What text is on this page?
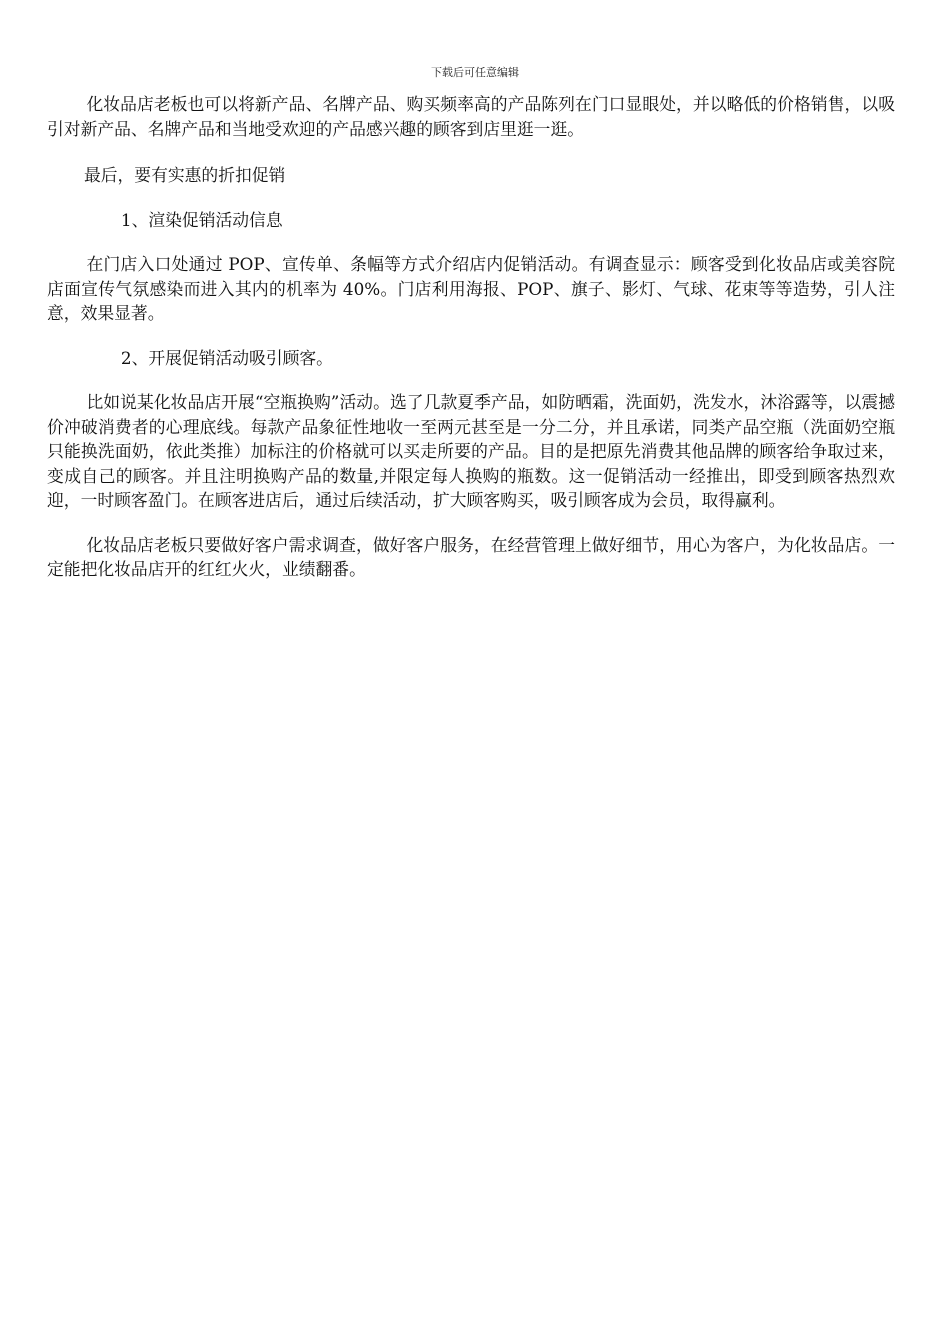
下载后可任意编辑

化妆品店老板也可以将新产品、名牌产品、购买频率高的产品陈列在门口显眼处，并以略低的价格销售，以吸引对新产品、名牌产品和当地受欢迎的产品感兴趣的顾客到店里逛一逛。

最后，要有实惠的折扣促销

1、渲染促销活动信息

在门店入口处通过 POP、宣传单、条幅等方式介绍店内促销活动。有调查显示：顾客受到化妆品店或美容院店面宣传气氛感染而进入其内的机率为 40%。门店利用海报、POP、旗子、影灯、气球、花束等等造势，引人注意，效果显著。

2、开展促销活动吸引顾客。

比如说某化妆品店开展“空瓶换购”活动。选了几款夏季产品，如防晒霜，洗面奶，洗发水，沐浴露等，以震撼价冲破消费者的心理底线。每款产品象征性地收一至两元甚至是一分二分，并且承诺，同类产品空瓶（洗面奶空瓶只能换洗面奶，依此类推）加标注的价格就可以买走所要的产品。目的是把原先消费其他品牌的顾客给争取过来，变成自己的顾客。并且注明换购产品的数量,并限定每人换购的瓶数。这一促销活动一经推出，即受到顾客热烈欢迎，一时顾客盈门。在顾客进店后，通过后续活动，扩大顾客购买，吸引顾客成为会员，取得赢利。

化妆品店老板只要做好客户需求调查，做好客户服务，在经营管理上做好细节，用心为客户，为化妆品店。一定能把化妆品店开的红红火火，业绩翻番。
